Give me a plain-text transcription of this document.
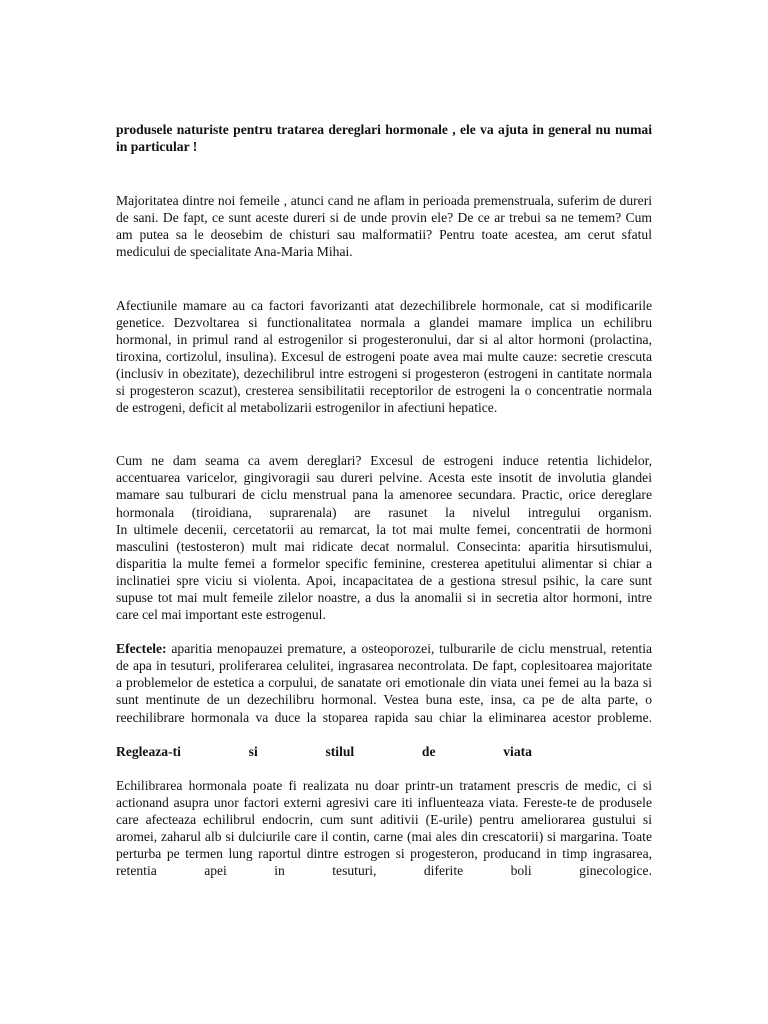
produsele naturiste pentru tratarea dereglari hormonale , ele va ajuta in general nu numai in particular !

Majoritatea dintre noi femeile , atunci cand ne aflam in perioada premenstruala, suferim de dureri de sani. De fapt, ce sunt aceste dureri si de unde provin ele? De ce ar trebui sa ne temem? Cum am putea sa le deosebim de chisturi sau malformatii? Pentru toate acestea, am cerut sfatul medicului de specialitate Ana-Maria Mihai.

Afectiunile mamare au ca factori favorizanti atat dezechilibrele hormonale, cat si modificarile genetice. Dezvoltarea si functionalitatea normala a glandei mamare implica un echilibru hormonal, in primul rand al estrogenilor si progesteronului, dar si al altor hormoni (prolactina, tiroxina, cortizolul, insulina). Excesul de estrogeni poate avea mai multe cauze: secretie crescuta (inclusiv in obezitate), dezechilibrul intre estrogeni si progesteron (estrogeni in cantitate normala si progesteron scazut), cresterea sensibilitatii receptorilor de estrogeni la o concentratie normala de estrogeni, deficit al metabolizarii estrogenilor in afectiuni hepatice.

Cum ne dam seama ca avem dereglari? Excesul de estrogeni induce retentia lichidelor, accentuarea varicelor, gingivoragii sau dureri pelvine. Acesta este insotit de involutia glandei mamare sau tulburari de ciclu menstrual pana la amenoree secundara. Practic, orice dereglare hormonala (tiroidiana, suprarenala) are rasunet la nivelul intregului organism.

In ultimele decenii, cercetatorii au remarcat, la tot mai multe femei, concentratii de hormoni masculini (testosteron) mult mai ridicate decat normalul. Consecinta: aparitia hirsutismului, disparitia la multe femei a formelor specific feminine, cresterea apetitului alimentar si chiar a inclinatiei spre viciu si violenta. Apoi, incapacitatea de a gestiona stresul psihic, la care sunt supuse tot mai mult femeile zilelor noastre, a dus la anomalii si in secretia altor hormoni, intre care cel mai important este estrogenul.

Efectele: aparitia menopauzei premature, a osteoporozei, tulburarile de ciclu menstrual, retentia de apa in tesuturi, proliferarea celulitei, ingrasarea necontrolata. De fapt, coplesitoarea majoritate a problemelor de estetica a corpului, de sanatate ori emotionale din viata unei femei au la baza si sunt mentinute de un dezechilibru hormonal. Vestea buna este, insa, ca pe de alta parte, o reechilibrare hormonala va duce la stoparea rapida sau chiar la eliminarea acestor probleme.

Regleaza-ti	si	stilul	de	viata

Echilibrarea hormonala poate fi realizata nu doar printr-un tratament prescris de medic, ci si actionand asupra unor factori externi agresivi care iti influenteaza viata. Fereste-te de produsele care afecteaza echilibrul endocrin, cum sunt aditivii (E-urile) pentru ameliorarea gustului si aromei, zaharul alb si dulciurile care il contin, carne (mai ales din crescatorii) si margarina. Toate perturba pe termen lung raportul dintre estrogen si progesteron, producand in timp ingrasarea, retentia apei in tesuturi, diferite boli ginecologice.
